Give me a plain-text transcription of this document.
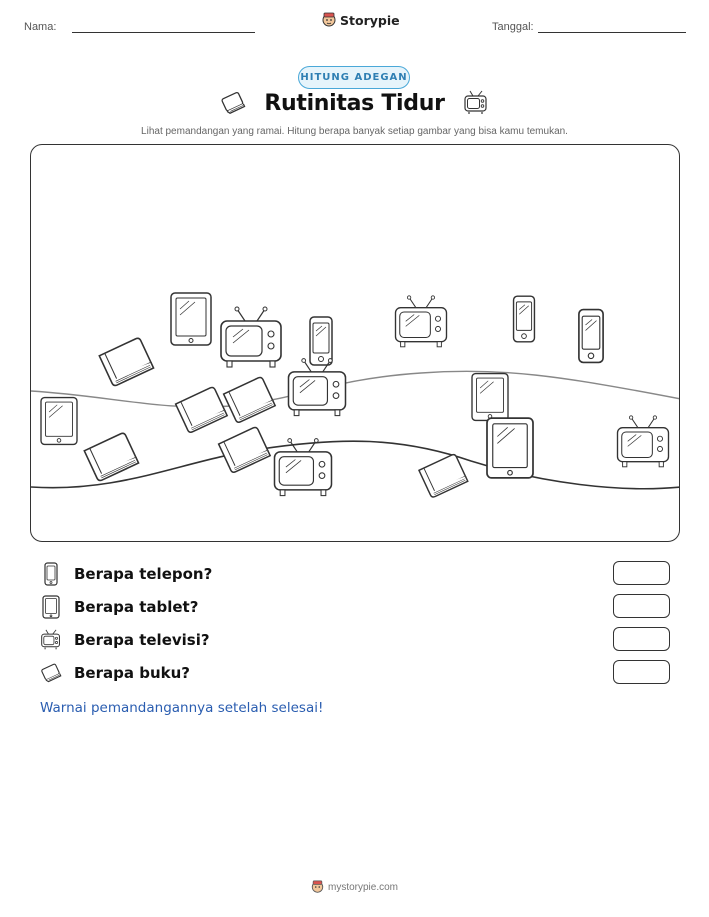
Nama:	Storypie	Tanggal:
HITUNG ADEGAN
Rutinitas Tidur
Lihat pemandangan yang ramai. Hitung berapa banyak setiap gambar yang bisa kamu temukan.
Berapa telepon?
Berapa tablet?
Berapa televisi?
Berapa buku?
Warnai pemandangannya setelah selesai!
mystorypie.com
